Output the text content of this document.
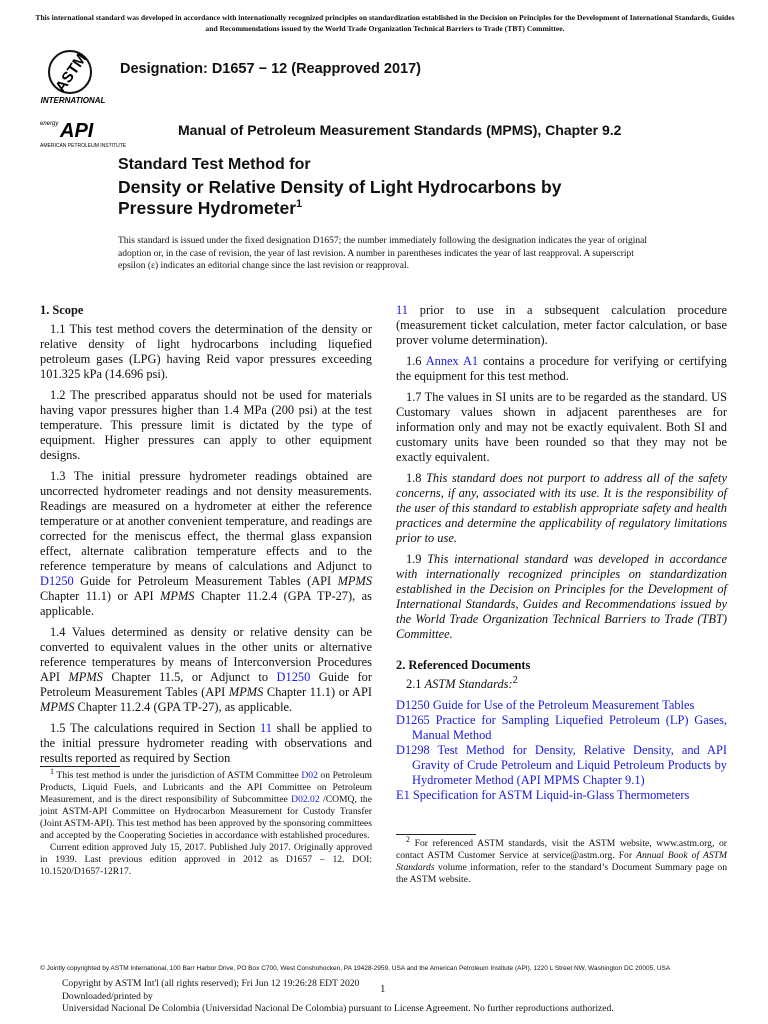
This international standard was developed in accordance with internationally recognized principles on standardization established in the Decision on Principles for the Development of International Standards, Guides and Recommendations issued by the World Trade Organization Technical Barriers to Trade (TBT) Committee.
ASTM
INTERNATIONAL
energy API
AMERICAN PETROLEUM INSTITUTE
Designation: D1657 − 12 (Reapproved 2017)
Manual of Petroleum Measurement Standards (MPMS), Chapter 9.2
Standard Test Method for
Density or Relative Density of Light Hydrocarbons by Pressure Hydrometer$^1$
This standard is issued under the fixed designation D1657; the number immediately following the designation indicates the year of original adoption or, in the case of revision, the year of last revision. A number in parentheses indicates the year of last reapproval. A superscript epsilon (ε) indicates an editorial change since the last revision or reapproval.
1. Scope

1.1 This test method covers the determination of the density or relative density of light hydrocarbons including liquefied petroleum gases (LPG) having Reid vapor pressures exceeding 101.325 kPa (14.696 psi).

1.2 The prescribed apparatus should not be used for materials having vapor pressures higher than 1.4 MPa (200 psi) at the test temperature. This pressure limit is dictated by the type of equipment. Higher pressures can apply to other equipment designs.

1.3 The initial pressure hydrometer readings obtained are uncorrected hydrometer readings and not density measurements. Readings are measured on a hydrometer at either the reference temperature or at another convenient temperature, and readings are corrected for the meniscus effect, the thermal glass expansion effect, alternate calibration temperature effects and to the reference temperature by means of calculations and Adjunct to D1250 Guide for Petroleum Measurement Tables (API MPMS Chapter 11.1) or API MPMS Chapter 11.2.4 (GPA TP-27), as applicable.

1.4 Values determined as density or relative density can be converted to equivalent values in the other units or alternative reference temperatures by means of Interconversion Procedures API MPMS Chapter 11.5, or Adjunct to D1250 Guide for Petroleum Measurement Tables (API MPMS Chapter 11.1) or API MPMS Chapter 11.2.4 (GPA TP-27), as applicable.

1.5 The calculations required in Section 11 shall be applied to the initial pressure hydrometer reading with observations and results reported as required by Section

11 prior to use in a subsequent calculation procedure (measurement ticket calculation, meter factor calculation, or base prover volume determination).

1.6 Annex A1 contains a procedure for verifying or certifying the equipment for this test method.

1.7 The values in SI units are to be regarded as the standard. US Customary values shown in adjacent parentheses are for information only and may not be exactly equivalent. Both SI and customary units have been rounded so that they may not be exactly equivalent.

1.8 This standard does not purport to address all of the safety concerns, if any, associated with its use. It is the responsibility of the user of this standard to establish appropriate safety and health practices and determine the applicability of regulatory limitations prior to use.

1.9 This international standard was developed in accordance with internationally recognized principles on standardization established in the Decision on Principles for the Development of International Standards, Guides and Recommendations issued by the World Trade Organization Technical Barriers to Trade (TBT) Committee.

2. Referenced Documents

2.1 ASTM Standards:$^2$

D1250 Guide for Use of the Petroleum Measurement Tables
D1265 Practice for Sampling Liquefied Petroleum (LP) Gases, Manual Method
D1298 Test Method for Density, Relative Density, and API Gravity of Crude Petroleum and Liquid Petroleum Products by Hydrometer Method (API MPMS Chapter 9.1)
E1 Specification for ASTM Liquid-in-Glass Thermometers

$^1$ This test method is under the jurisdiction of ASTM Committee D02 on Petroleum Products, Liquid Fuels, and Lubricants and the API Committee on Petroleum Measurement, and is the direct responsibility of Subcommittee D02.02 /COMQ, the joint ASTM-API Committee on Hydrocarbon Measurement for Custody Transfer (Joint ASTM-API). This test method has been approved by the sponsoring committees and accepted by the Cooperating Societies in accordance with established procedures.

Current edition approved July 15, 2017. Published July 2017. Originally approved in 1939. Last previous edition approved in 2012 as D1657 – 12. DOI: 10.1520/D1657-12R17.

$^2$ For referenced ASTM standards, visit the ASTM website, www.astm.org, or contact ASTM Customer Service at service@astm.org. For Annual Book of ASTM Standards volume information, refer to the standard’s Document Summary page on the ASTM website.

© Jointly copyrighted by ASTM International, 100 Barr Harbor Drive, PO Box C700, West Conshohocken, PA 19428-2959, USA and the American Petroleum Institute (API), 1220 L Street NW, Washington DC 20005, USA
Copyright by ASTM Int'l (all rights reserved); Fri Jun 12 19:26:28 EDT 2020
Downloaded/printed by
Universidad Nacional De Colombia (Universidad Nacional De Colombia) pursuant to License Agreement. No further reproductions authorized.
1
